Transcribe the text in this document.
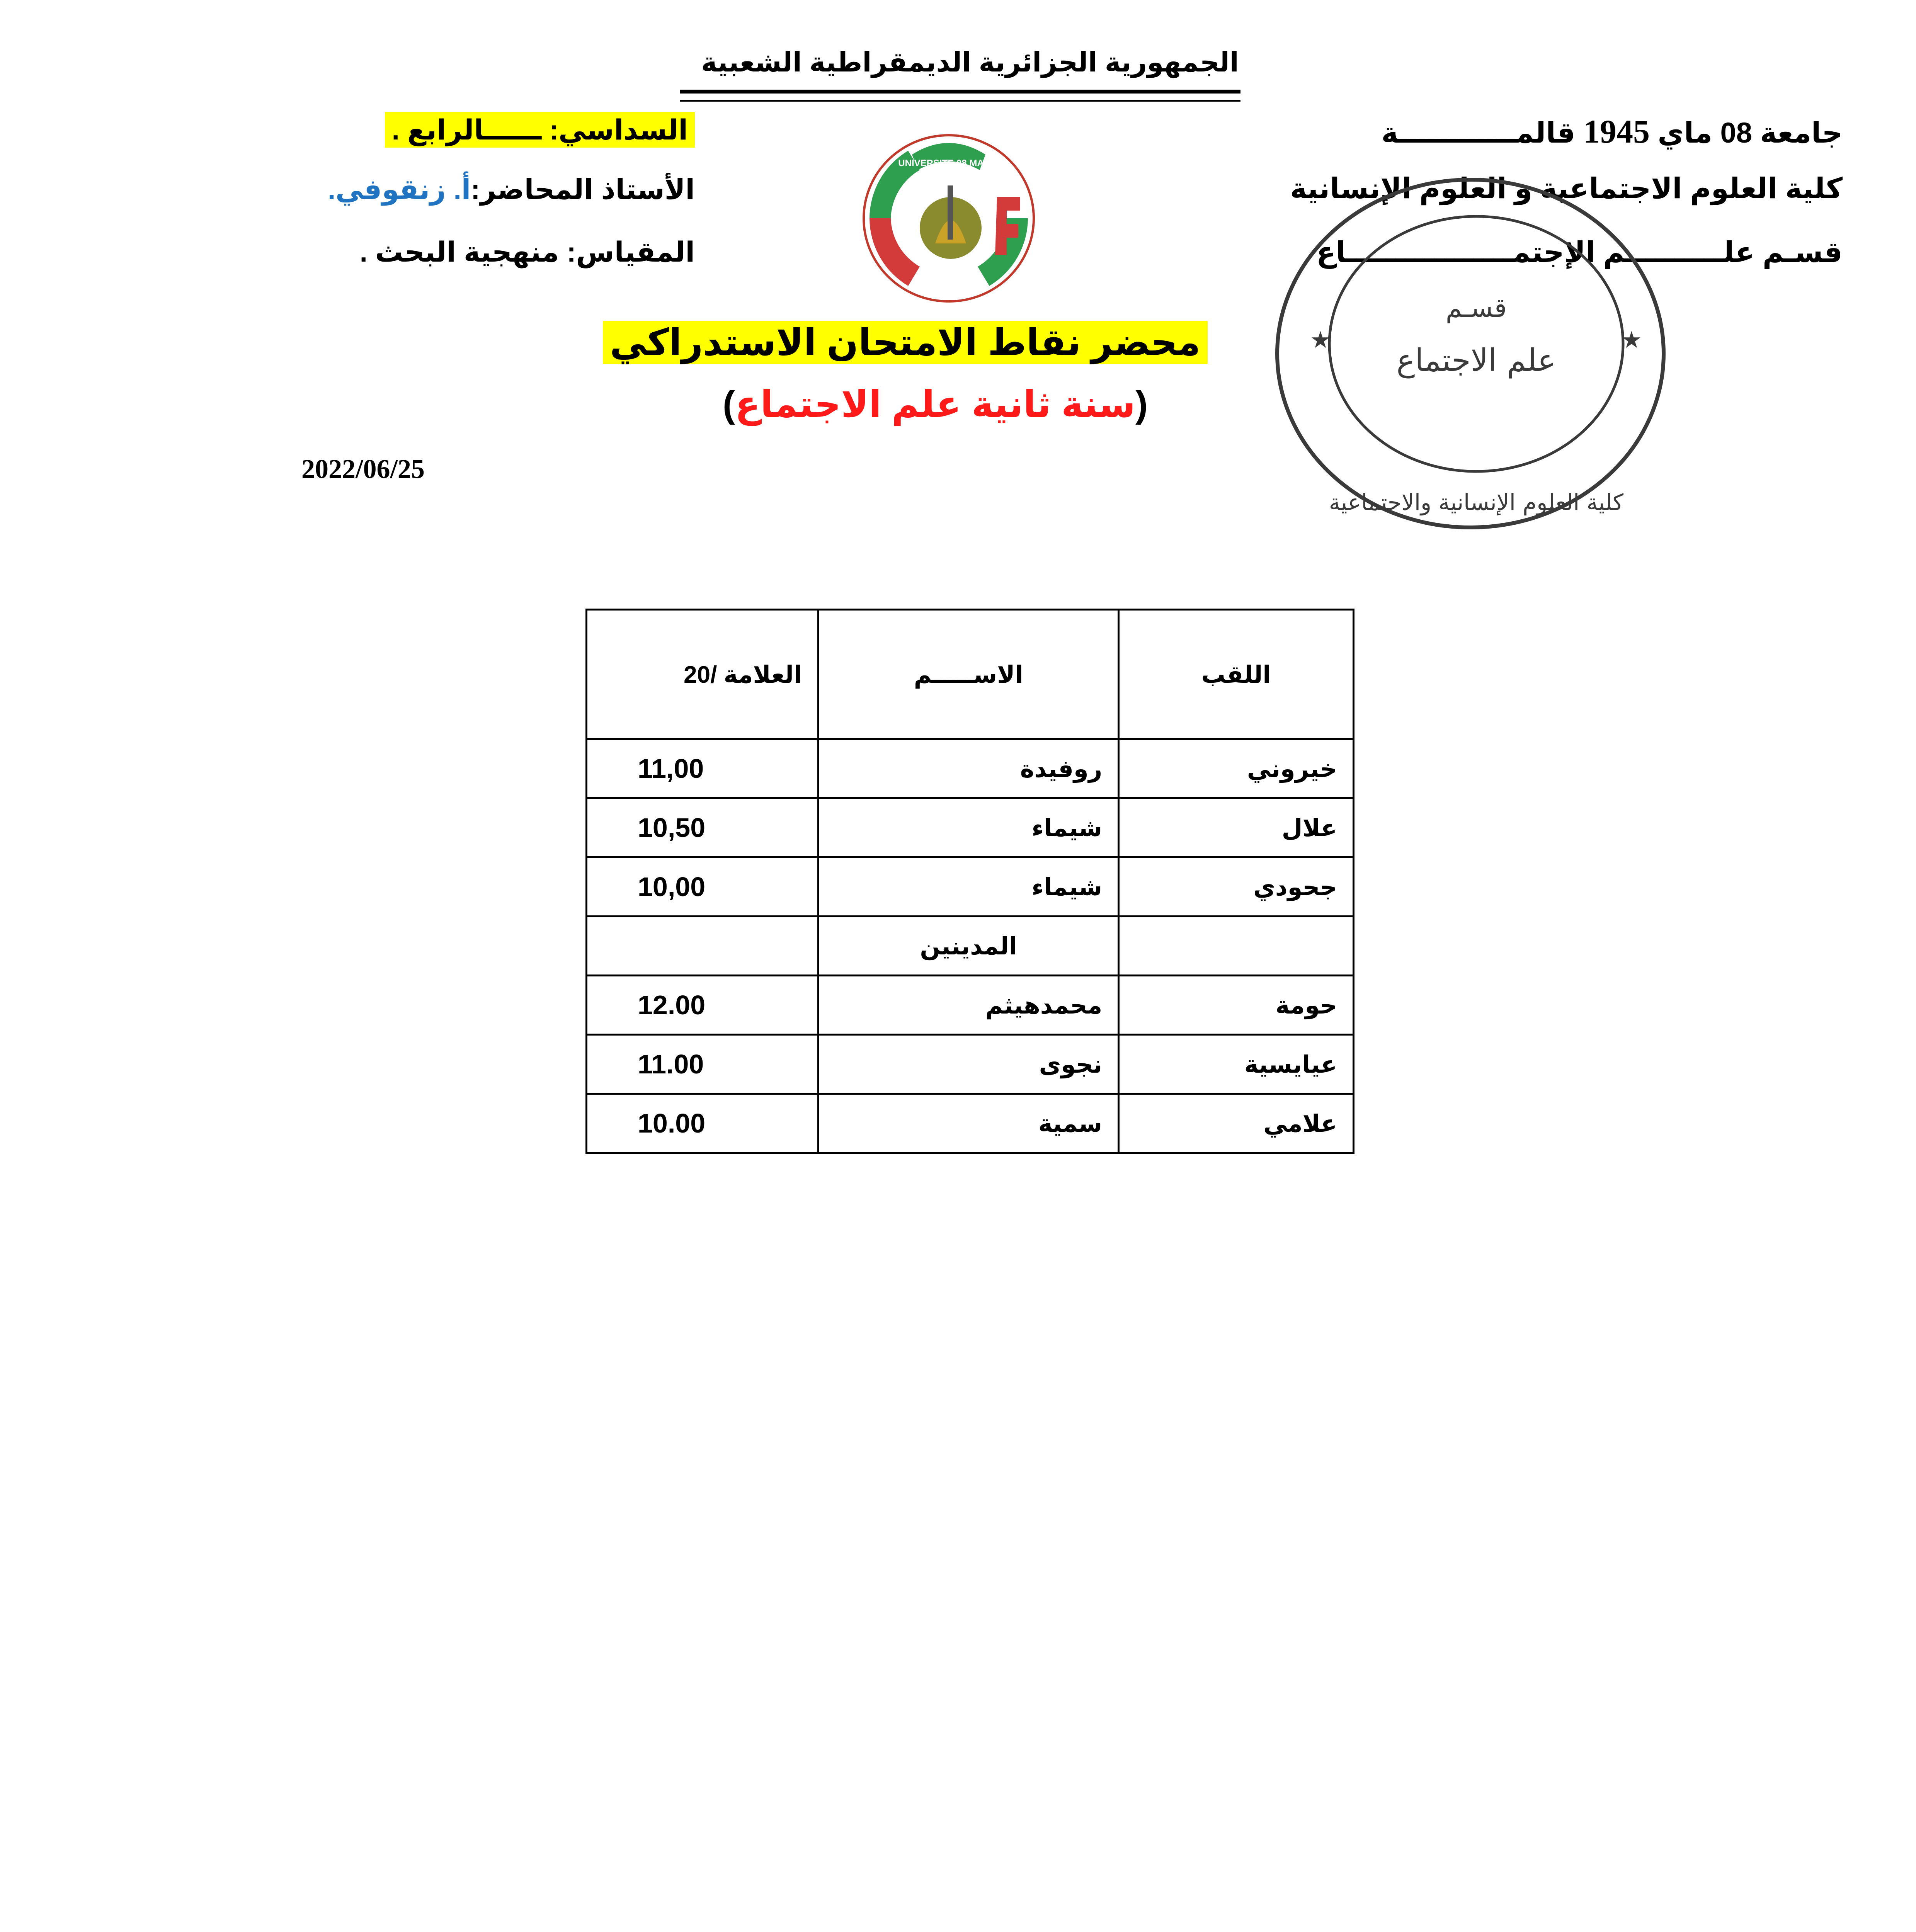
الجمهورية الجزائرية الديمقراطية الشعبية
جامعة 08 ماي 1945 قالمــــــــــــة
كلية العلوم الاجتماعية و العلوم الإنسانية
قسـم علــــــــــم الإجتمـــــــــــــــــاع
السداسي: ــــــالرابع .
الأستاذ المحاضر:أ. زنقوفي.
المقياس: منهجية البحث .
UNIVERSITE 08 MAI 45
★	★
قسـم
علم الاجتماع
كلية العلوم الإنسانية والاجتماعية
محضر نقاط الامتحان الاستدراكي
(سنة ثانية علم الاجتماع)
2022/06/25
اللقب	الاســـــم	العلامة /20
خيروني	روفيدة	11,00
علال	شيماء	10,50
جحودي	شيماء	10,00
	المدينين	
حومة	محمدهيثم	12.00
عيايسية	نجوى	11.00
علامي	سمية	10.00
